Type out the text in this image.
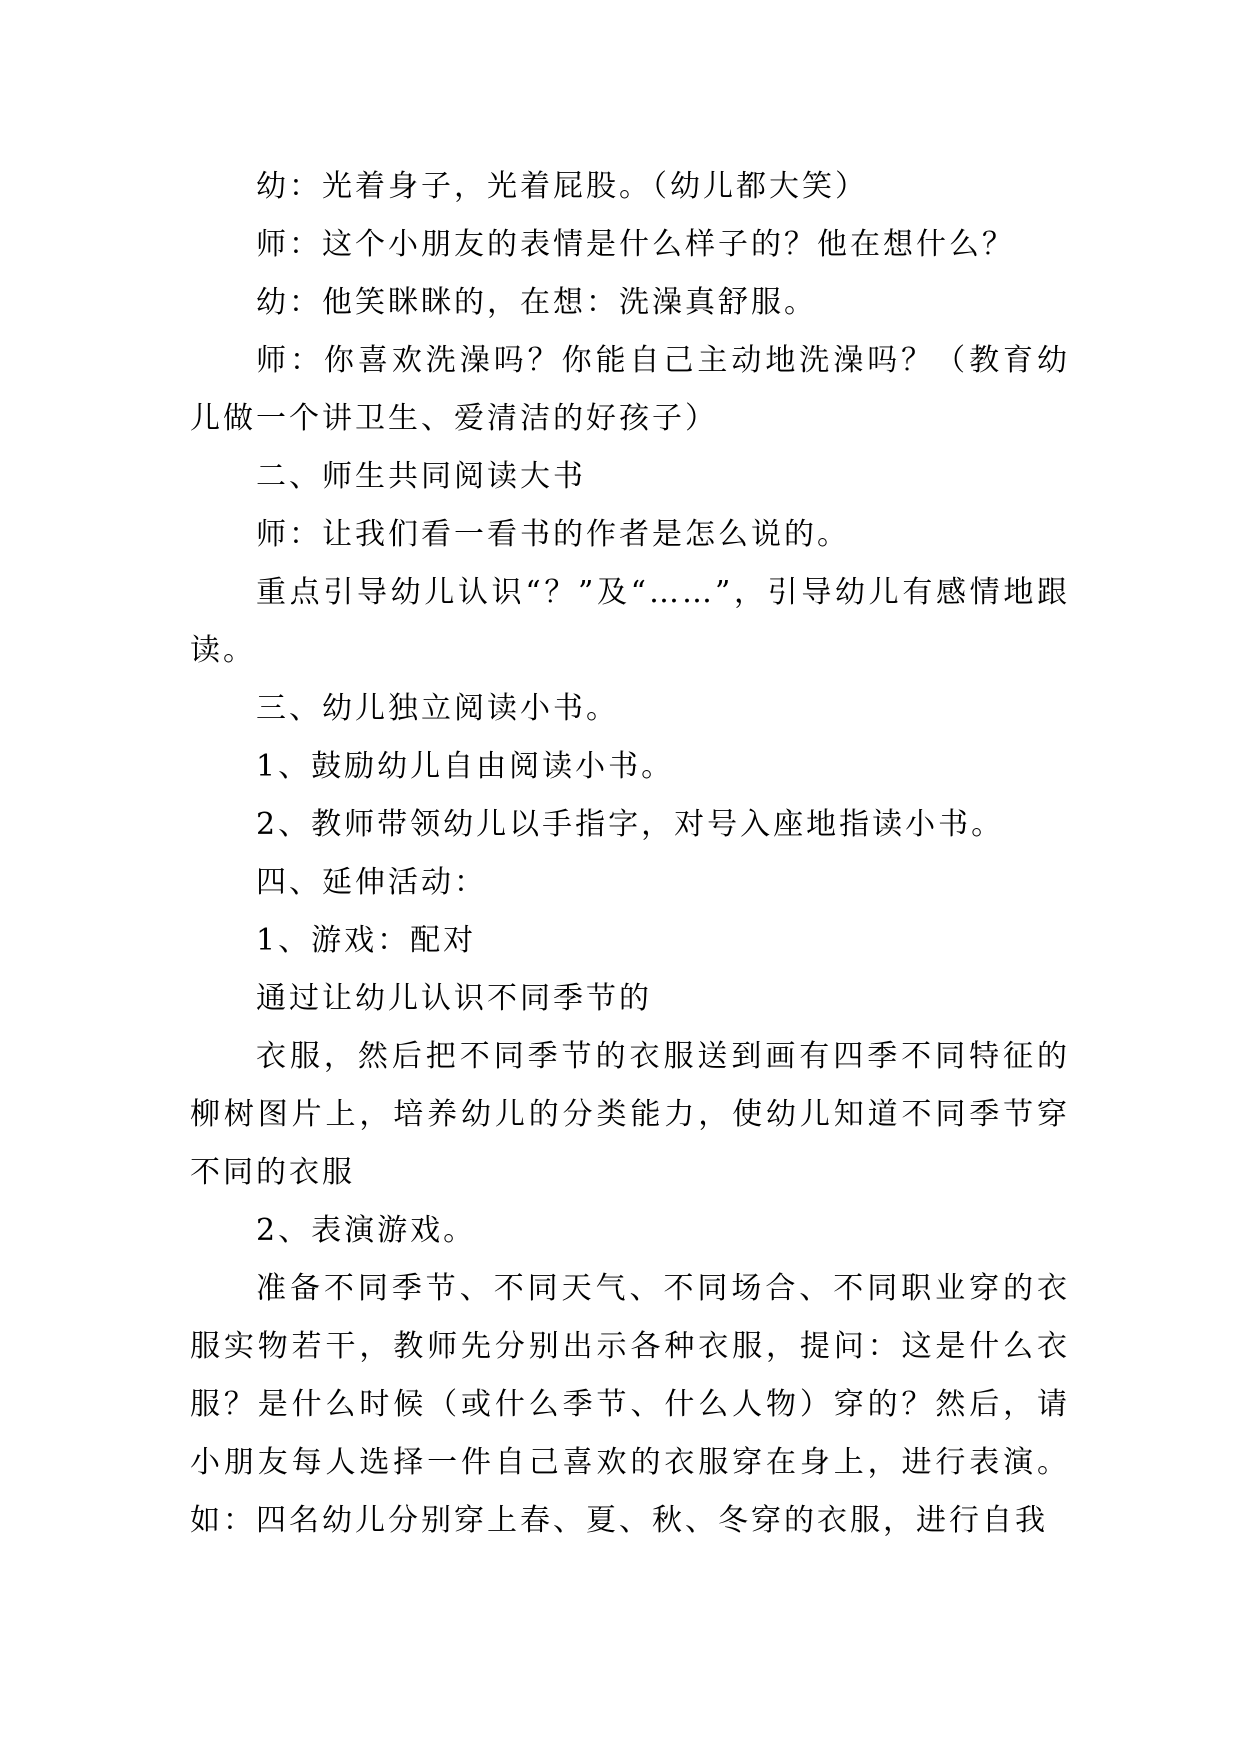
幼：光着身子，光着屁股。（幼儿都大笑）

师：这个小朋友的表情是什么样子的？他在想什么？

幼：他笑眯眯的，在想：洗澡真舒服。

师：你喜欢洗澡吗？你能自己主动地洗澡吗？（教育幼儿做一个讲卫生、爱清洁的好孩子）

二、师生共同阅读大书

师：让我们看一看书的作者是怎么说的。

重点引导幼儿认识“？”及“……”，引导幼儿有感情地跟读。

三、幼儿独立阅读小书。

1、鼓励幼儿自由阅读小书。

2、教师带领幼儿以手指字，对号入座地指读小书。

四、延伸活动：

1、游戏：配对

通过让幼儿认识不同季节的

衣服，然后把不同季节的衣服送到画有四季不同特征的柳树图片上，培养幼儿的分类能力，使幼儿知道不同季节穿不同的衣服

2、表演游戏。

准备不同季节、不同天气、不同场合、不同职业穿的衣服实物若干，教师先分别出示各种衣服，提问：这是什么衣服？是什么时候（或什么季节、什么人物）穿的？然后，请小朋友每人选择一件自己喜欢的衣服穿在身上，进行表演。如：四名幼儿分别穿上春、夏、秋、冬穿的衣服，进行自我
